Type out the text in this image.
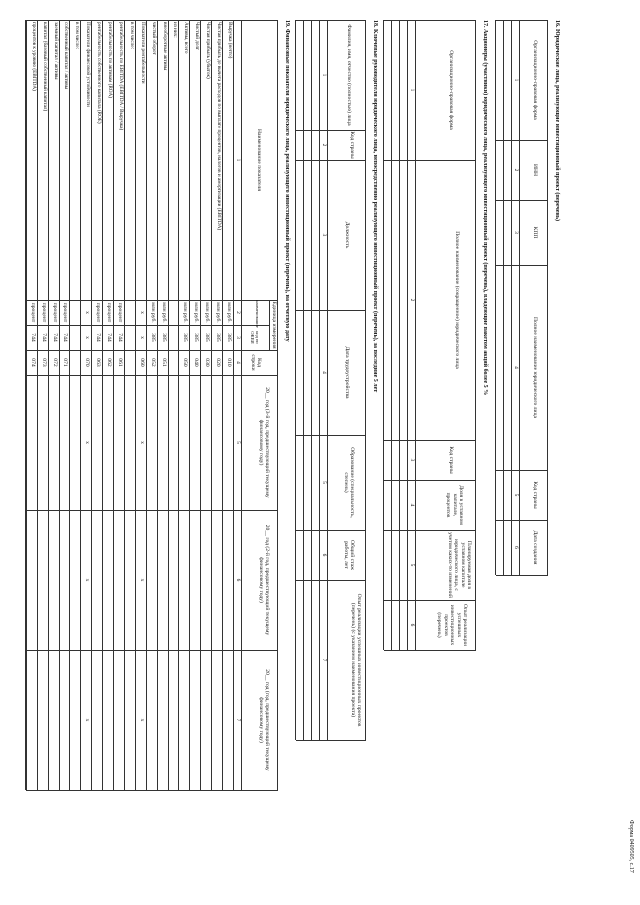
Форма 0409505, с.17
16. Юридические лица, реализующие инвестиционный проект (перечень)
Организационно-правовая форма
ИНН
КПП
Полное наименование юридического лица
Код страны
Дата создания
1
2
3
4
5
6
17. Акционеры (участники) юридического лица, реализующего инвестиционный проект (перечень), владеющие пакетом акций более 5 %
Организационно-правовая форма
Полное наименование (сокращенное) юридического лица
Код страны
Доля в уставном капитале, процентов
Планируемая доля в уставном капитале юридического лица, с учетом каких-то изменений
Опыт реализации успешных инвестиционных проектов (перечень)
1
2
3
4
5
6
18. Ключевые руководители юридического лица, непосредственно реализующего инвестиционный проект (перечень), за последние 5 лет
Фамилия, имя, отчество (полностью) лица
Код страны
Должность
Дата трудоустройства
Образование (специальность, степень)
Общий стаж работы, лет
Опыт реализации успешных инвестиционных проектов (перечень) (с указанием наименования проекта)
1
2
3
4
5
6
7
19. Финансовые показатели юридического лица, реализующего инвестиционный проект (перечень), на отчетную дату
Наименование показателя
Единица измерения
наименование
код по ОКЕИ
Код строки
20__ год (3-й год, предшествующий текущему финансовому году)
20__ год (2-й год, предшествующий текущему финансовому году)
20__ год (год, предшествующий текущему финансовому году)
1
2
3
4
5
6
7
Выручка (нетто)
млн руб.
385
010
Чистая прибыль до вычета расходов по выплате процентов, налогов и амортизации (EBITDA)
млн руб.
385
020
Чистая прибыль (убыток)
млн руб.
385
030
Чистый долг
млн руб.
385
040
Активы, всего
млн руб.
385
050
из них:
внеоборотные активы
млн руб.
385
051
чистый оборот
млн руб.
385
052
Показатели рентабельности
х
х
060
х
х
х
в том числе:
рентабельность по EBITDA (EBITDA / Выручка)
процент
744
061
рентабельность по активам (ROA)
процент
744
062
рентабельность собственного капитала (ROE)
процент
744
063
Показатели финансовой устойчивости
х
х
070
х
х
х
в том числе:
собственный капитал / активы
процент
744
071
заемный капитал / активы
процент
744
072
капитал (базовый собственный капитал)
процент
744
073
процентов к уровню (EBITDA)
процент
744
074
